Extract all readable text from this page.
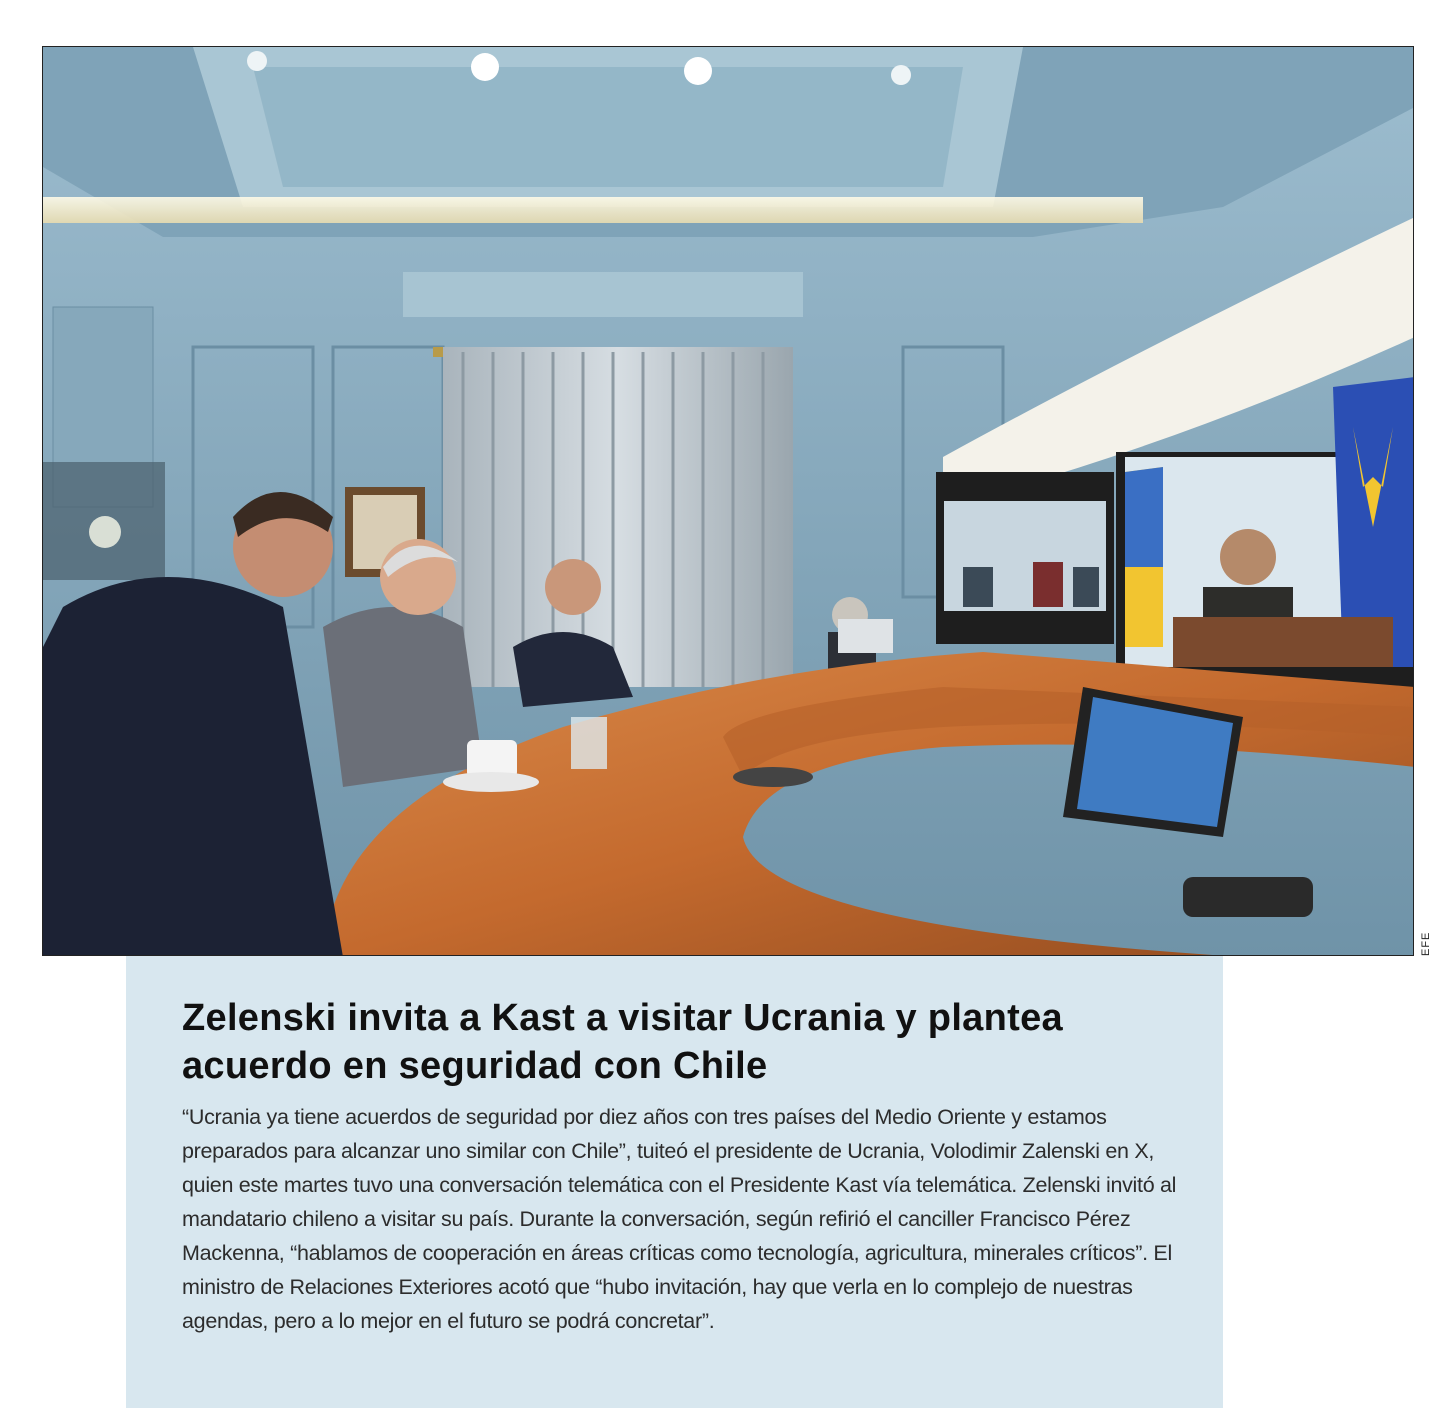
EFE
Zelenski invita a Kast a visitar Ucrania y plantea acuerdo en seguridad con Chile

“Ucrania ya tiene acuerdos de seguridad por diez años con tres países del Medio Oriente y estamos preparados para alcanzar uno similar con Chile”, tuiteó el presidente de Ucrania, Volodimir Zalenski en X, quien este martes tuvo una conversación telemática con el Presidente Kast vía telemática. Zelenski invitó al mandatario chileno a visitar su país. Durante la conversación, según refirió el canciller Francisco Pérez Mackenna, “hablamos de cooperación en áreas críticas como tecnología, agricultura, minerales críticos”. El ministro de Relaciones Exteriores acotó que “hubo invitación, hay que verla en lo complejo de nuestras agendas, pero a lo mejor en el futuro se podrá concretar”.
